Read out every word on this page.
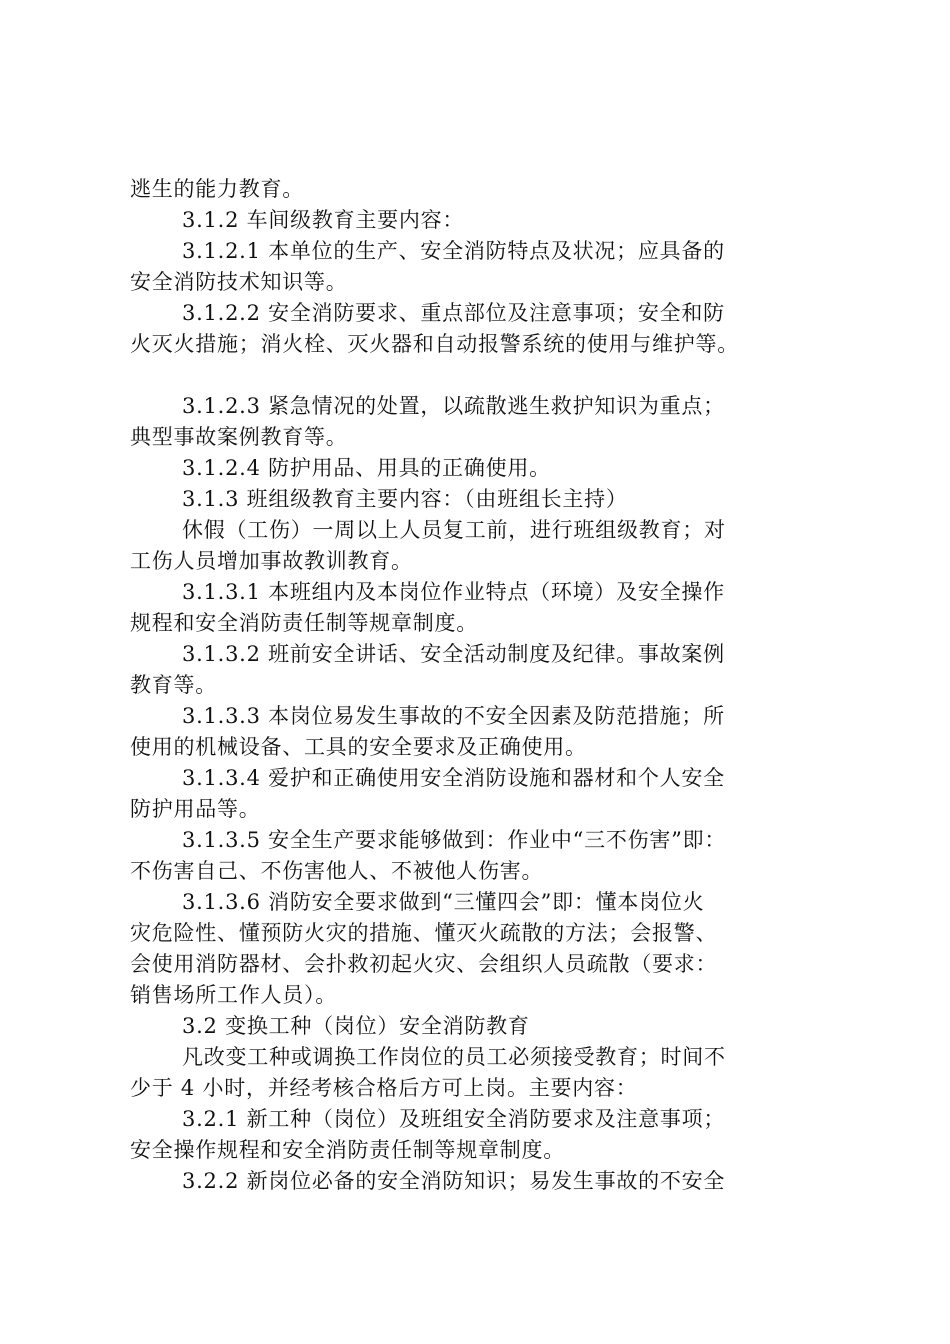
逃生的能力教育。

3.1.2 车间级教育主要内容：

3.1.2.1 本单位的生产、安全消防特点及状况；应具备的

安全消防技术知识等。

3.1.2.2 安全消防要求、重点部位及注意事项；安全和防

火灭火措施；消火栓、灭火器和自动报警系统的使用与维护等。

3.1.2.3 紧急情况的处置，以疏散逃生救护知识为重点；

典型事故案例教育等。

3.1.2.4 防护用品、用具的正确使用。

3.1.3 班组级教育主要内容：（由班组长主持）

休假（工伤）一周以上人员复工前，进行班组级教育；对

工伤人员增加事故教训教育。

3.1.3.1 本班组内及本岗位作业特点（环境）及安全操作

规程和安全消防责任制等规章制度。

3.1.3.2 班前安全讲话、安全活动制度及纪律。事故案例

教育等。

3.1.3.3 本岗位易发生事故的不安全因素及防范措施；所

使用的机械设备、工具的安全要求及正确使用。

3.1.3.4 爱护和正确使用安全消防设施和器材和个人安全

防护用品等。

3.1.3.5 安全生产要求能够做到：作业中“三不伤害”即：

不伤害自己、不伤害他人、不被他人伤害。

3.1.3.6 消防安全要求做到“三懂四会”即：懂本岗位火

灾危险性、懂预防火灾的措施、懂灭火疏散的方法；会报警、

会使用消防器材、会扑救初起火灾、会组织人员疏散（要求：

销售场所工作人员）。

3.2 变换工种（岗位）安全消防教育

凡改变工种或调换工作岗位的员工必须接受教育；时间不

少于 4 小时，并经考核合格后方可上岗。主要内容：

3.2.1 新工种（岗位）及班组安全消防要求及注意事项；

安全操作规程和安全消防责任制等规章制度。

3.2.2 新岗位必备的安全消防知识；易发生事故的不安全
